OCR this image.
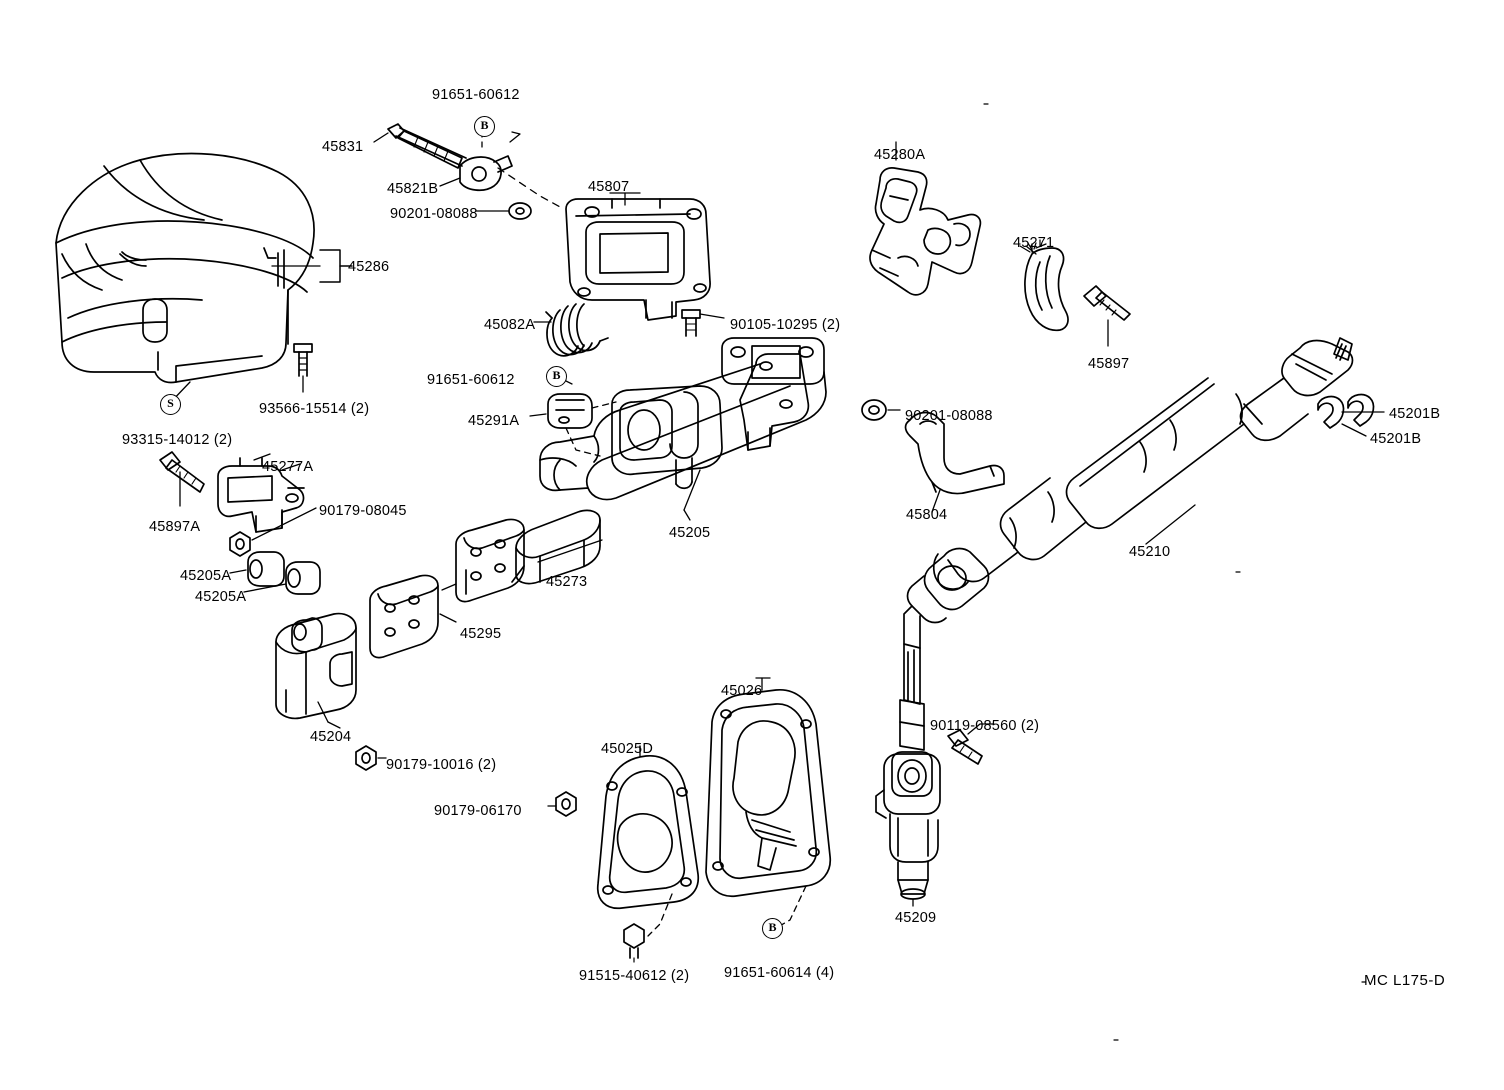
B
B
S
B
91651-60612
45831
45821B
90201-08088
45807
45280A
45271
45286
45082A	90105-10295 (2)
45897
93566-15514 (2)
91651-60612
90201-08088	45201B
45201B
45291A
93315-14012 (2)
45277A
90179-08045	45804
45897A	45205
45210
45205A
45205A
45273
45295
45026
45204
90119-08560 (2)
45025D
90179-10016 (2)
90179-06170
45209
91515-40612 (2) 91651-60614 (4)	MC L175-D
